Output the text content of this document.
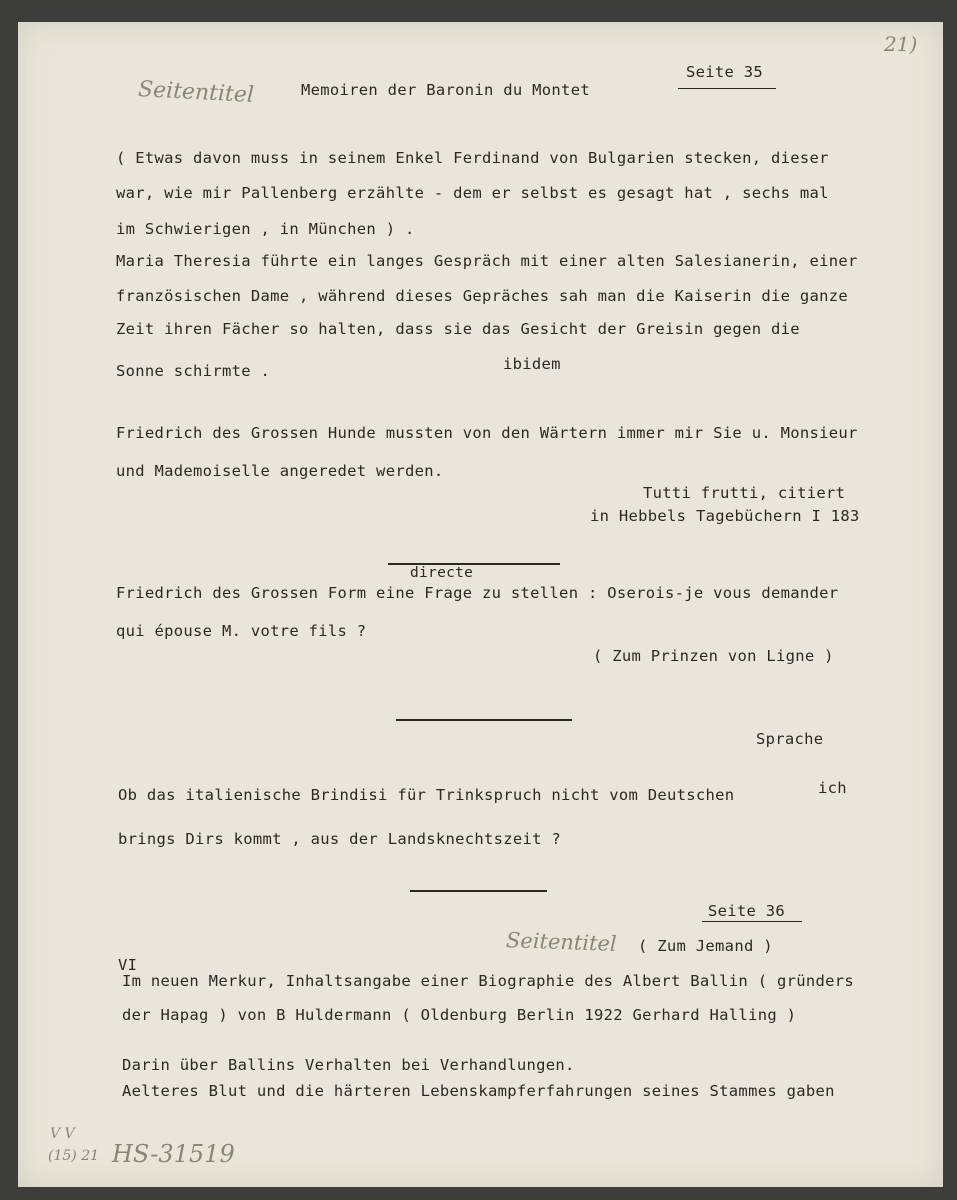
Seitentitel	Memoiren der Baronin du Montet
Seite 35
21)
( Etwas davon muss in seinem Enkel Ferdinand von Bulgarien stecken, dieser
war, wie mir Pallenberg erzählte - dem er selbst es gesagt hat , sechs mal
im Schwierigen , in München ) .
Maria Theresia führte ein langes Gespräch mit einer alten Salesianerin, einer
französischen Dame , während dieses Gepräches sah man die Kaiserin die ganze
Zeit ihren Fächer so halten, dass sie das Gesicht der Greisin gegen die
Sonne schirmte .	ibidem
Friedrich des Grossen Hunde mussten von den Wärtern immer mir Sie u. Monsieur
und Mademoiselle angeredet werden.
Tutti frutti, citiert
in Hebbels Tagebüchern I 183
directe
Friedrich des Grossen Form eine Frage zu stellen : Oserois-je vous demander
qui épouse M. votre fils ?
( Zum Prinzen von Ligne )
Sprache
Ob das italienische Brindisi für Trinkspruch nicht vom Deutschen	ich
brings Dirs kommt , aus der Landsknechtszeit ?
Seite 36
Seitentitel ( Zum Jemand )
VI
Im neuen Merkur, Inhaltsangabe einer Biographie des Albert Ballin ( gründers
der Hapag ) von B Huldermann ( Oldenburg Berlin 1922 Gerhard Halling )
Darin über Ballins Verhalten bei Verhandlungen.
Aelteres Blut und die härteren Lebenskampferfahrungen seines Stammes gaben
V V
(15) 21 HS-31519
